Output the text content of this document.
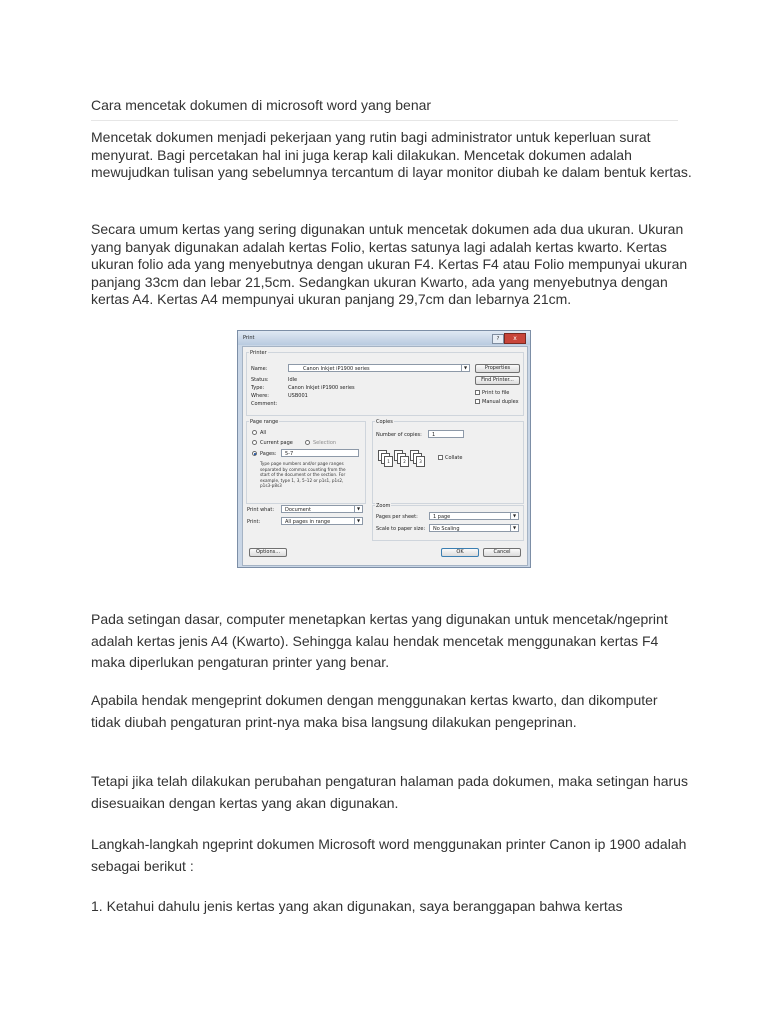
Cara mencetak dokumen di microsoft word yang benar

Mencetak dokumen menjadi pekerjaan yang rutin bagi administrator untuk keperluan surat menyurat. Bagi percetakan hal ini juga kerap kali dilakukan. Mencetak dokumen adalah mewujudkan tulisan yang sebelumnya tercantum di layar monitor diubah ke dalam bentuk kertas.

Secara umum kertas yang sering digunakan untuk mencetak dokumen ada dua ukuran. Ukuran yang banyak digunakan adalah kertas Folio, kertas satunya lagi adalah kertas kwarto. Kertas ukuran folio ada yang menyebutnya dengan ukuran F4. Kertas F4 atau Folio mempunyai ukuran panjang 33cm dan lebar 21,5cm. Sedangkan ukuran Kwarto, ada yang menyebutnya dengan kertas A4. Kertas A4 mempunyai ukuran panjang 29,7cm dan lebarnya 21cm.

Print	?	x
Printer
Name:	Canon Inkjet iP1900 series	▼	Properties
Status:	Idle
Type:	Canon Inkjet iP1900 series
Where:	USB001
Comment:
Find Printer...
Print to file
Manual duplex
Page range
All
Current page	Selection
Pages: 5-7
Type page numbers and/or page ranges separated by commas counting from the start of the document or the section. For example, type 1, 3, 5–12 or p1s1, p1s2, p1s3-p8s3
Copies
Number of copies: 1
1	2	3
Collate
Print what: Document	▼
Print:	All pages in range	▼
Zoom
Pages per sheet:	1 page	▼
Scale to paper size: No Scaling	▼
Options...	OK	Cancel

Pada setingan dasar, computer menetapkan kertas yang digunakan untuk mencetak/ngeprint adalah kertas jenis A4 (Kwarto). Sehingga kalau hendak mencetak menggunakan kertas F4 maka diperlukan pengaturan printer yang benar.

Apabila hendak mengeprint dokumen dengan menggunakan kertas kwarto, dan dikomputer tidak diubah pengaturan print-nya maka bisa langsung dilakukan pengeprinan.

Tetapi jika telah dilakukan perubahan pengaturan halaman pada dokumen, maka setingan harus disesuaikan dengan kertas yang akan digunakan.

Langkah-langkah ngeprint dokumen Microsoft word menggunakan printer Canon ip 1900 adalah sebagai berikut :

1. Ketahui dahulu jenis kertas yang akan digunakan, saya beranggapan bahwa kertas
